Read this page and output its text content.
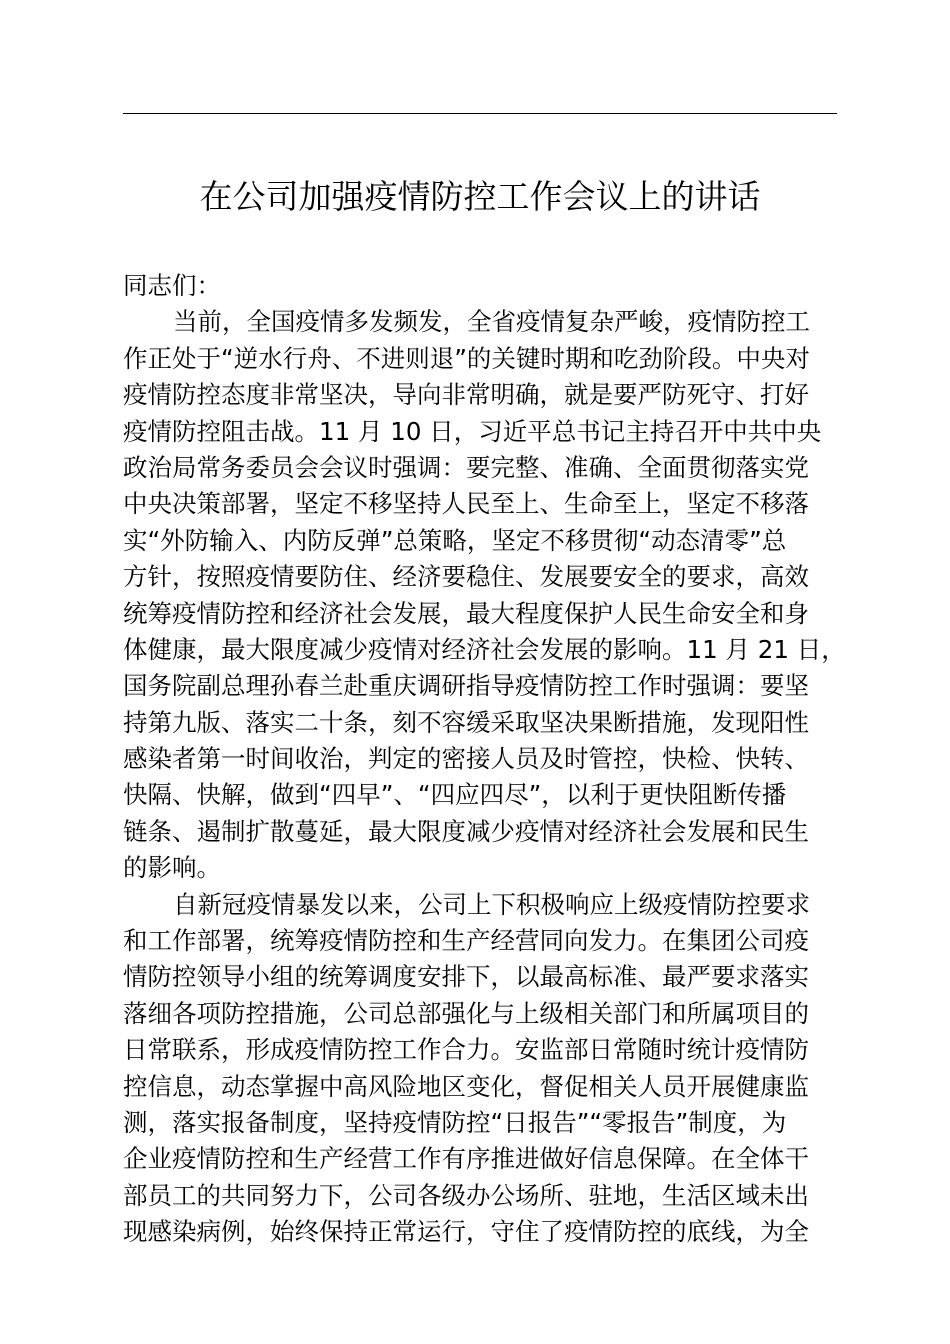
在公司加强疫情防控工作会议上的讲话
同志们：
当前，全国疫情多发频发，全省疫情复杂严峻，疫情防控工
作正处于“逆水行舟、不进则退”的关键时期和吃劲阶段。中央对
疫情防控态度非常坚决，导向非常明确，就是要严防死守、打好
疫情防控阻击战。11 月 10 日，习近平总书记主持召开中共中央
政治局常务委员会会议时强调：要完整、准确、全面贯彻落实党
中央决策部署，坚定不移坚持人民至上、生命至上，坚定不移落
实“外防输入、内防反弹”总策略，坚定不移贯彻“动态清零”总
方针，按照疫情要防住、经济要稳住、发展要安全的要求，高效
统筹疫情防控和经济社会发展，最大程度保护人民生命安全和身
体健康，最大限度减少疫情对经济社会发展的影响。11 月 21 日，
国务院副总理孙春兰赴重庆调研指导疫情防控工作时强调：要坚
持第九版、落实二十条，刻不容缓采取坚决果断措施，发现阳性
感染者第一时间收治，判定的密接人员及时管控，快检、快转、
快隔、快解，做到“四早”、“四应四尽”，以利于更快阻断传播
链条、遏制扩散蔓延，最大限度减少疫情对经济社会发展和民生
的影响。
自新冠疫情暴发以来，公司上下积极响应上级疫情防控要求
和工作部署，统筹疫情防控和生产经营同向发力。在集团公司疫
情防控领导小组的统筹调度安排下，以最高标准、最严要求落实
落细各项防控措施，公司总部强化与上级相关部门和所属项目的
日常联系，形成疫情防控工作合力。安监部日常随时统计疫情防
控信息，动态掌握中高风险地区变化，督促相关人员开展健康监
测，落实报备制度，坚持疫情防控“日报告”“零报告”制度，为
企业疫情防控和生产经营工作有序推进做好信息保障。在全体干
部员工的共同努力下，公司各级办公场所、驻地，生活区域未出
现感染病例，始终保持正常运行，守住了疫情防控的底线，为全
